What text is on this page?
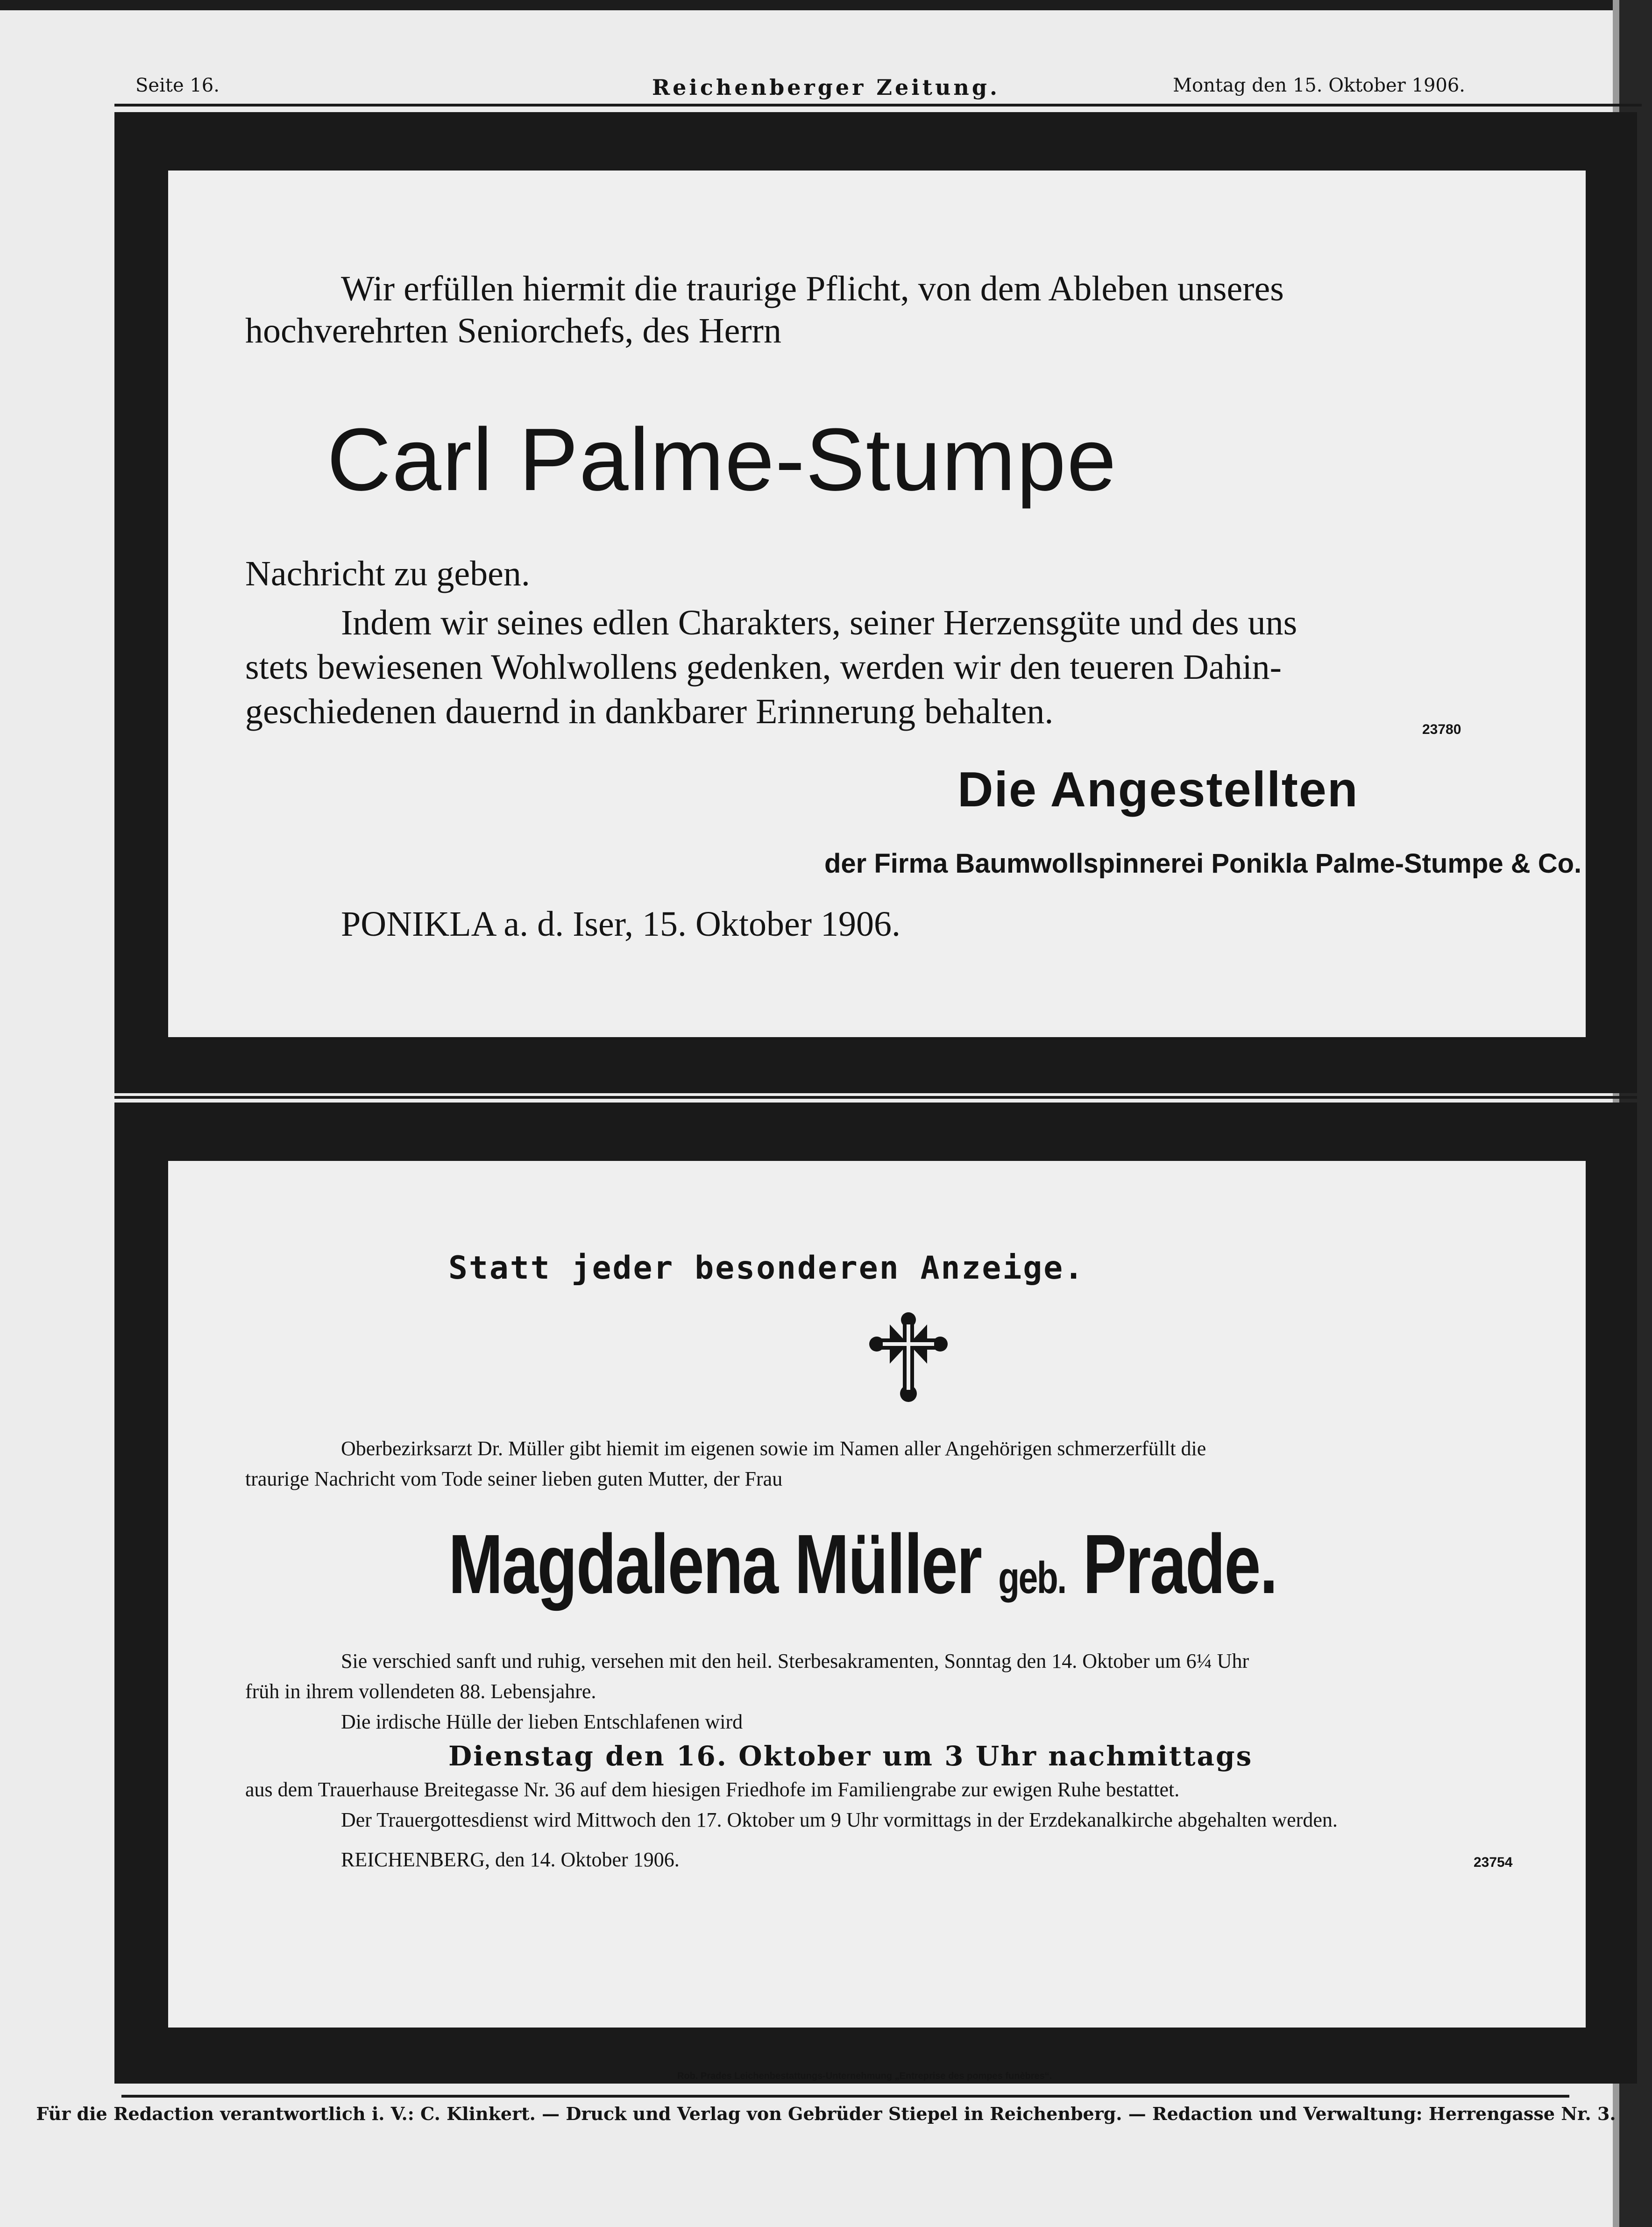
Seite 16.	Reichenberger Zeitung.	Montag den 15. Oktober 1906.
Wir erfüllen hiermit die traurige Pflicht, von dem Ableben unseres
hochverehrten Seniorchefs, des Herrn
Carl Palme-Stumpe
Nachricht zu geben.
Indem wir seines edlen Charakters, seiner Herzensgüte und des uns
stets bewiesenen Wohlwollens gedenken, werden wir den teueren Dahin-
geschiedenen dauernd in dankbarer Erinnerung behalten.	23780
Die Angestellten
der Firma Baumwollspinnerei Ponikla Palme-Stumpe & Co.
PONIKLA a. d. Iser, 15. Oktober 1906.
Statt jeder besonderen Anzeige.
Oberbezirksarzt Dr. Müller gibt hiemit im eigenen sowie im Namen aller Angehörigen schmerzerfüllt die
traurige Nachricht vom Tode seiner lieben guten Mutter, der Frau
Magdalena Müller geb. Prade.
Sie verschied sanft und ruhig, versehen mit den heil. Sterbesakramenten, Sonntag den 14. Oktober um 6¼ Uhr
früh in ihrem vollendeten 88. Lebensjahre.
Die irdische Hülle der lieben Entschlafenen wird
Dienstag den 16. Oktober um 3 Uhr nachmittags
aus dem Trauerhause Breitegasse Nr. 36 auf dem hiesigen Friedhofe im Familiengrabe zur ewigen Ruhe bestattet.
Der Trauergottesdienst wird Mittwoch den 17. Oktober um 9 Uhr vormittags in der Erzdekanalkirche abgehalten werden.
REICHENBERG, den 14. Oktober 1906.	23754
Rob. Prades Leichenbestattungs-Unternehmung „Entreprise des pompes funèbres“.
Für die Redaction verantwortlich i. V.: C. Klinkert. — Druck und Verlag von Gebrüder Stiepel in Reichenberg. — Redaction und Verwaltung: Herrengasse Nr. 3.
